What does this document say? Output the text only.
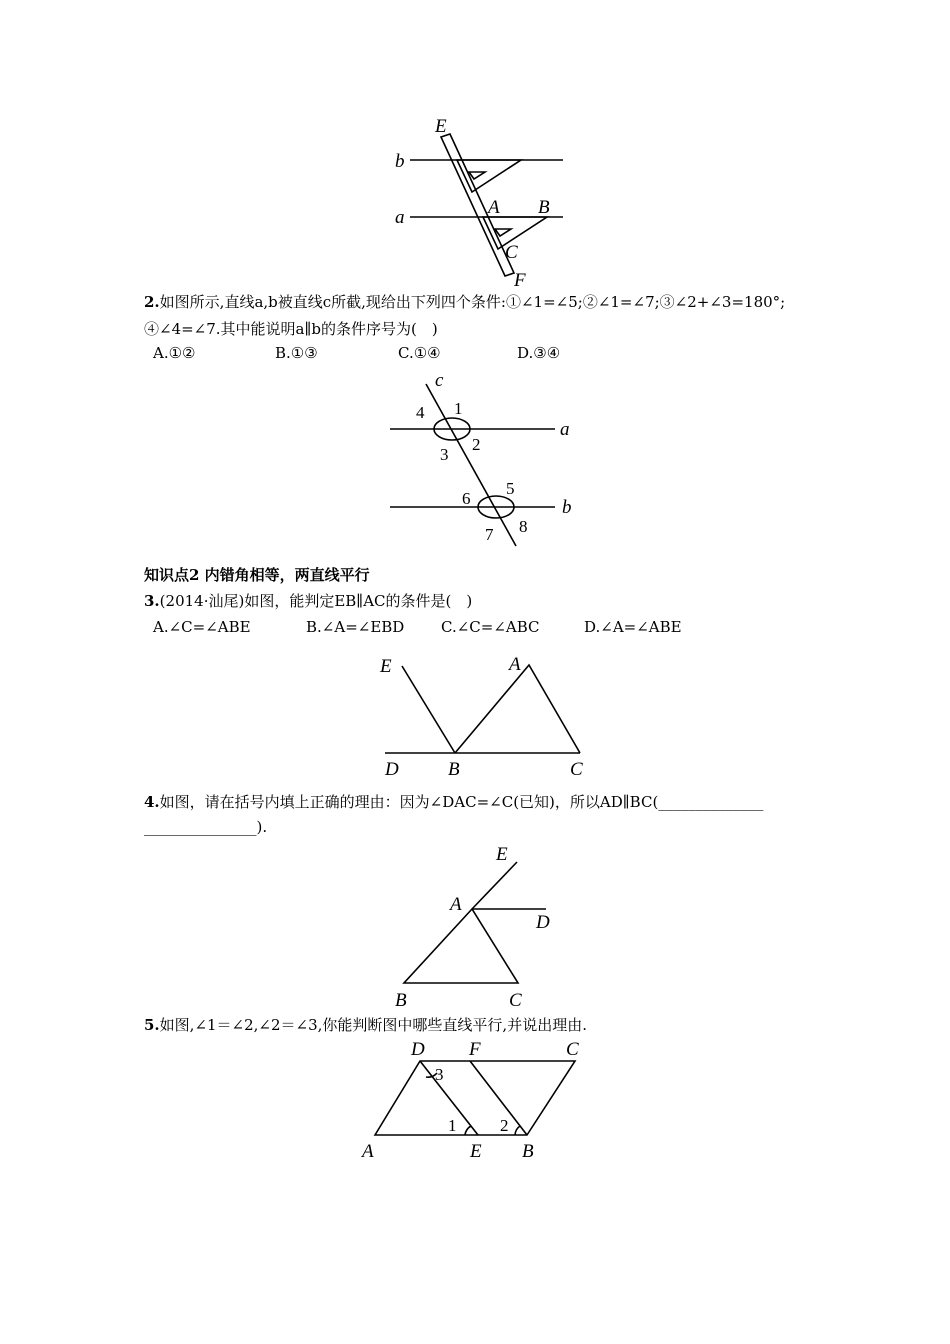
E
b
a	A B
C
F
2.如图所示,直线a,b被直线c所截,现给出下列四个条件:①∠1=∠5;②∠1=∠7;③∠2+∠3=180°;
④∠4=∠7.其中能说明a∥b的条件序号为(　)
A.①②	B.①③	C.①④	D.③④
c
a
b
4 1
3
2
6
5
7 8
知识点2 内错角相等，两直线平行
3.(2014·汕尾)如图，能判定EB∥AC的条件是(　)
A.∠C=∠ABE	B.∠A=∠EBD C.∠C=∠ABC	D.∠A=∠ABE
E	A
D	B	C
4.如图，请在括号内填上正确的理由：因为∠DAC=∠C(已知)，所以AD∥BC(______________
_______________).
E
A
D
B	C
5.如图,∠1＝∠2,∠2＝∠3,你能判断图中哪些直线平行,并说出理由.
D F	C
A	E B
3
1	2
